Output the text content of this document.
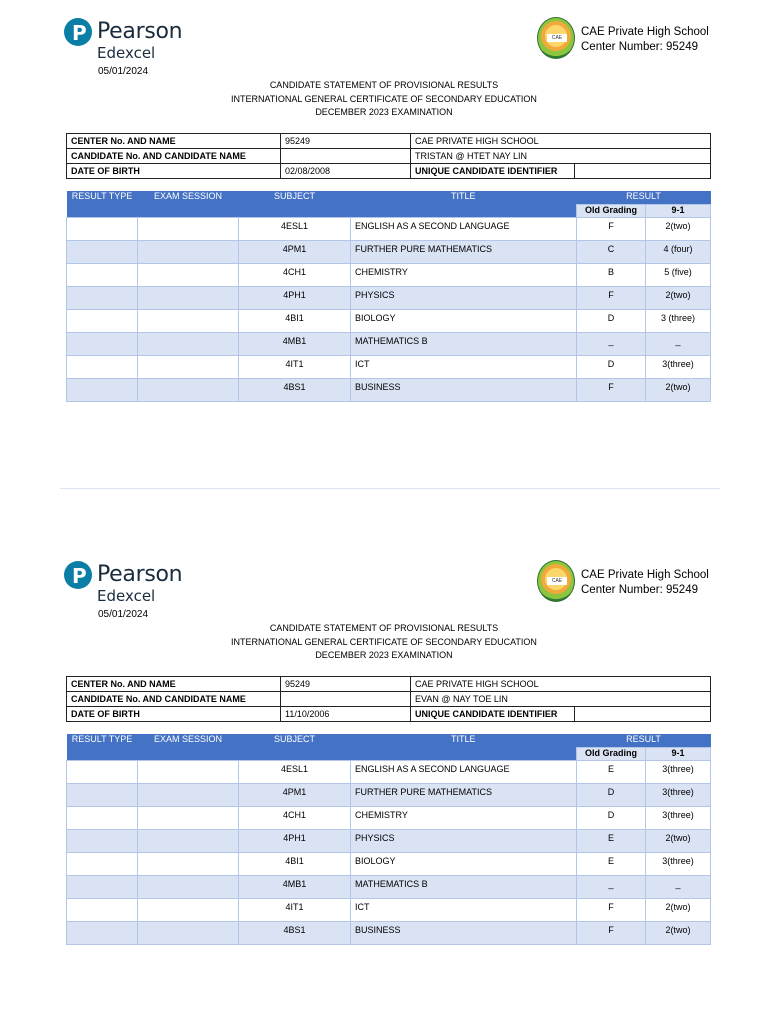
P Pearson
Edexcel
05/01/2024
CAE	CAE Private High School
Center Number: 95249
CANDIDATE STATEMENT OF PROVISIONAL RESULTS
INTERNATIONAL GENERAL CERTIFICATE OF SECONDARY EDUCATION
DECEMBER 2023 EXAMINATION
CENTER No. AND NAME	95249	CAE PRIVATE HIGH SCHOOL	
CANDIDATE No. AND CANDIDATE NAME		TRISTAN @ HTET NAY LIN	
DATE OF BIRTH	02/08/2008	UNIQUE CANDIDATE IDENTIFIER	
RESULT TYPE	EXAM SESSION	SUBJECT	TITLE	RESULT	
				Old Grading	9-1
		4ESL1	ENGLISH AS A SECOND LANGUAGE	F	2(two)
		4PM1	FURTHER PURE MATHEMATICS	C	4 (four)
		4CH1	CHEMISTRY	B	5 (five)
		4PH1	PHYSICS	F	2(two)
		4BI1	BIOLOGY	D	3 (three)
		4MB1	MATHEMATICS B	_	_
		4IT1	ICT	D	3(three)
		4BS1	BUSINESS	F	2(two)
P Pearson
Edexcel
05/01/2024
CAE	CAE Private High School
Center Number: 95249
CANDIDATE STATEMENT OF PROVISIONAL RESULTS
INTERNATIONAL GENERAL CERTIFICATE OF SECONDARY EDUCATION
DECEMBER 2023 EXAMINATION
CENTER No. AND NAME	95249	CAE PRIVATE HIGH SCHOOL	
CANDIDATE No. AND CANDIDATE NAME		EVAN @ NAY TOE LIN	
DATE OF BIRTH	11/10/2006	UNIQUE CANDIDATE IDENTIFIER	
RESULT TYPE	EXAM SESSION	SUBJECT	TITLE	RESULT	
				Old Grading	9-1
		4ESL1	ENGLISH AS A SECOND LANGUAGE	E	3(three)
		4PM1	FURTHER PURE MATHEMATICS	D	3(three)
		4CH1	CHEMISTRY	D	3(three)
		4PH1	PHYSICS	E	2(two)
		4BI1	BIOLOGY	E	3(three)
		4MB1	MATHEMATICS B	_	_
		4IT1	ICT	F	2(two)
		4BS1	BUSINESS	F	2(two)
